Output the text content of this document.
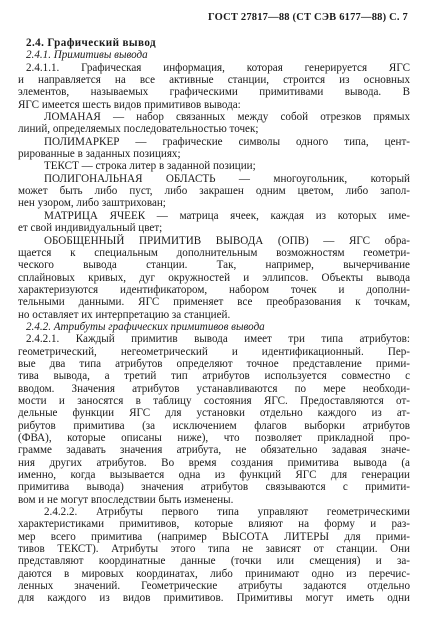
ГОСТ 27817—88 (СТ СЭВ 6177—88) С. 7
2.4. Графический вывод
2.4.1. Примитивы вывода
2.4.1.1. Графическая информация, которая генерируется ЯГС
и направляется на все активные станции, строится из основных
элементов, называемых графическими примитивами вывода. В
ЯГС имеется шесть видов примитивов вывода:
ЛОМАНАЯ — набор связанных между собой отрезков прямых
линий, определяемых последовательностью точек;
ПОЛИМАРКЕР — графические символы одного типа, цент-
рированные в заданных позициях;
ТЕКСТ — строка литер в заданной позиции;
ПОЛИГОНАЛЬНАЯ ОБЛАСТЬ — многоугольник, который
может быть либо пуст, либо закрашен одним цветом, либо запол-
нен узором, либо заштрихован;
МАТРИЦА ЯЧЕЕК — матрица ячеек, каждая из которых име-
ет свой индивидуальный цвет;
ОБОБЩЕННЫЙ ПРИМИТИВ ВЫВОДА (ОПВ) — ЯГС обра-
щается к специальным дополнительным возможностям геометри-
ческого вывода станции. Так, например, вычерчивание
сплайновых кривых, дуг окружностей и эллипсов. Объекты вывода
характеризуются идентификатором, набором точек и дополни-
тельными данными. ЯГС применяет все преобразования к точкам,
но оставляет их интерпретацию за станцией.
2.4.2. Атрибуты графических примитивов вывода
2.4.2.1. Каждый примитив вывода имеет три типа атрибутов:
геометрический, негеометрический и идентификационный. Пер-
вые два типа атрибутов определяют точное представление прими-
тива вывода, а третий тип атрибутов используется совместно с
вводом. Значения атрибутов устанавливаются по мере необходи-
мости и заносятся в таблицу состояния ЯГС. Предоставляются от-
дельные функции ЯГС для установки отдельно каждого из ат-
рибутов примитива (за исключением флагов выборки атрибутов
(ФВА), которые описаны ниже), что позволяет прикладной про-
грамме задавать значения атрибута, не обязательно задавая значе-
ния других атрибутов. Во время создания примитива вывода (а
именно, когда вызывается одна из функций ЯГС для генерации
примитива вывода) значения атрибутов связываются с примити-
вом и не могут впоследствии быть изменены.
2.4.2.2. Атрибуты первого типа управляют геометрическими
характеристиками примитивов, которые влияют на форму и раз-
мер всего примитива (например ВЫСОТА ЛИТЕРЫ для прими-
тивов ТЕКСТ). Атрибуты этого типа не зависят от станции. Они
представляют координатные данные (точки или смещения) и за-
даются в мировых координатах, либо принимают одно из перечис-
ленных значений. Геометрические атрибуты задаются отдельно
для каждого из видов примитивов. Примитивы могут иметь одни
